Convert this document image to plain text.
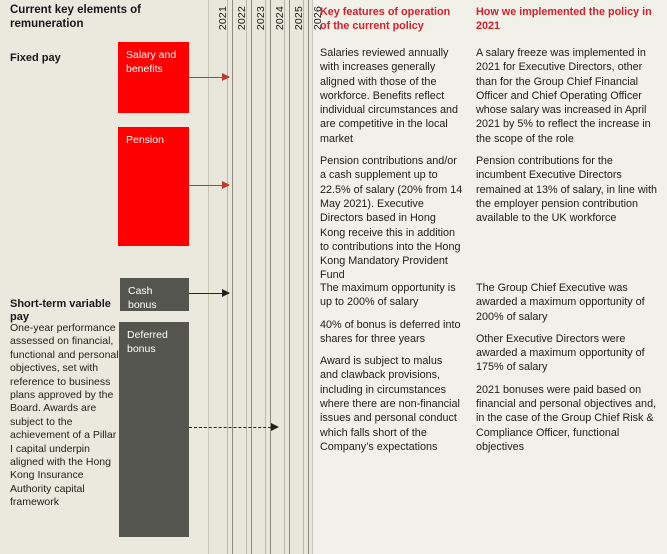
2021 2022 2023 2024 2025 2026
Current key elements of remuneration
Fixed pay
Short-term variable pay
One-year performance assessed on financial, functional and personal objectives, set with reference to business plans approved by the Board. Awards are subject to the achievement of a Pillar I capital underpin aligned with the Hong Kong Insurance Authority capital framework
Salary and benefits
Pension
Cash bonus
Deferred bonus
Key features of operation of the current policy

Salaries reviewed annually with increases generally aligned with those of the workforce. Benefits reflect individual circumstances and are competitive in the local market

Pension contributions and/or a cash supplement up to 22.5% of salary (20% from 14 May 2021). Executive Directors based in Hong Kong receive this in addition to contributions into the Hong Kong Mandatory Provident Fund

The maximum opportunity is up to 200% of salary

40% of bonus is deferred into shares for three years

Award is subject to malus and clawback provisions, including in circumstances where there are non-financial issues and personal conduct which falls short of the Company’s expectations

How we implemented the policy in 2021

A salary freeze was implemented in 2021 for Executive Directors, other than for the Group Chief Financial Officer and Chief Operating Officer whose salary was increased in April 2021 by 5% to reflect the increase in the scope of the role

Pension contributions for the incumbent Executive Directors remained at 13% of salary, in line with the employer pension contribution available to the UK workforce

The Group Chief Executive was awarded a maximum opportunity of 200% of salary

Other Executive Directors were awarded a maximum opportunity of 175% of salary

2021 bonuses were paid based on financial and personal objectives and, in the case of the Group Chief Risk & Compliance Officer, functional objectives
